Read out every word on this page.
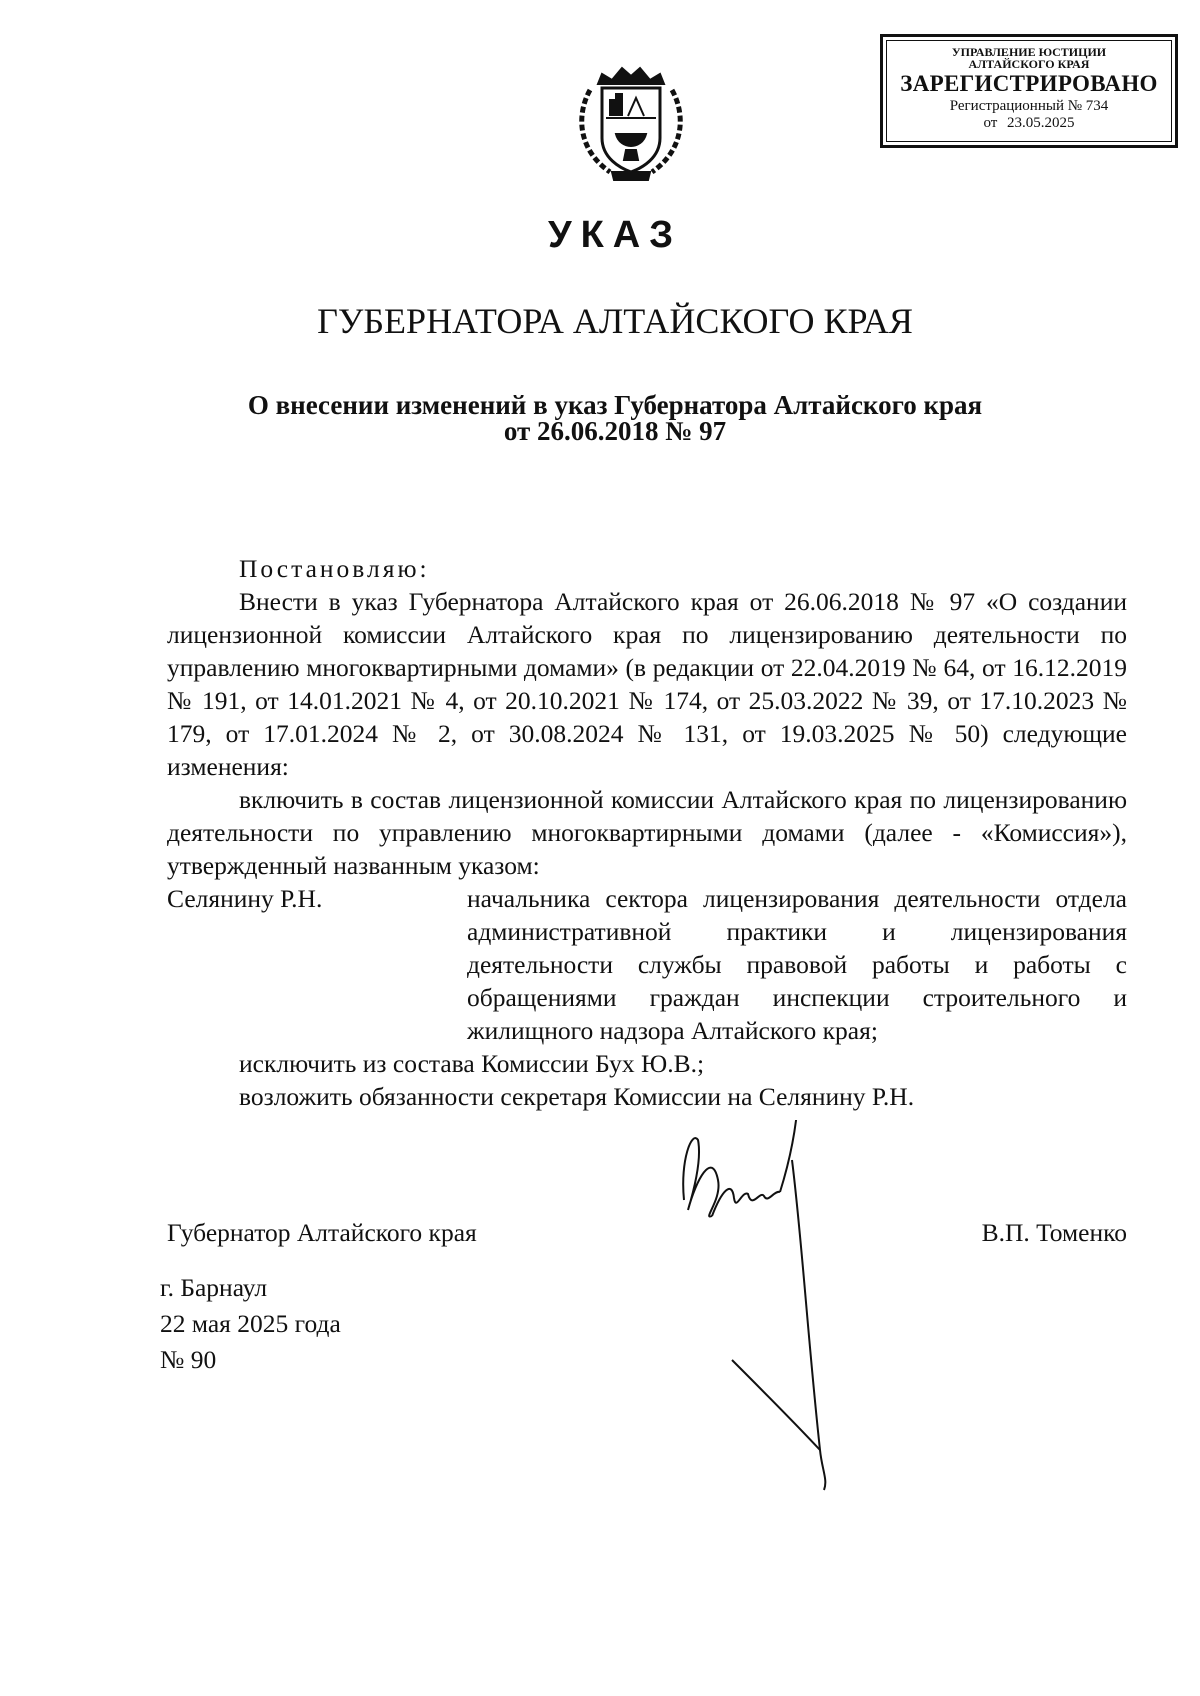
УПРАВЛЕНИЕ ЮСТИЦИИ
АЛТАЙСКОГО КРАЯ
ЗАРЕГИСТРИРОВАНО
Регистрационный № 734
от 23.05.2025
УКАЗ
ГУБЕРНАТОРА АЛТАЙСКОГО КРАЯ
О внесении изменений в указ Губернатора Алтайского края
от 26.06.2018 № 97

Постановляю:

Внести в указ Губернатора Алтайского края от 26.06.2018 № 97 «О создании лицензионной комиссии Алтайского края по лицензированию деятельности по управлению многоквартирными домами» (в редакции от 22.04.2019 № 64, от 16.12.2019 № 191, от 14.01.2021 № 4, от 20.10.2021 № 174, от 25.03.2022 № 39, от 17.10.2023 № 179, от 17.01.2024 № 2, от 30.08.2024 № 131, от 19.03.2025 № 50) следующие изменения:

включить в состав лицензионной комиссии Алтайского края по лицензированию деятельности по управлению многоквартирными домами (далее - «Комиссия»), утвержденный названным указом:

Селянину Р.Н.	начальника сектора лицензирования деятельности отдела административной практики и лицензирования деятельности службы правовой работы и работы с обращениями граждан инспекции строительного и жилищного надзора Алтайского края;

исключить из состава Комиссии Бух Ю.В.;

возложить обязанности секретаря Комиссии на Селянину Р.Н.

Губернатор Алтайского края	В.П. Томенко
г. Барнаул
22 мая 2025 года
№ 90
